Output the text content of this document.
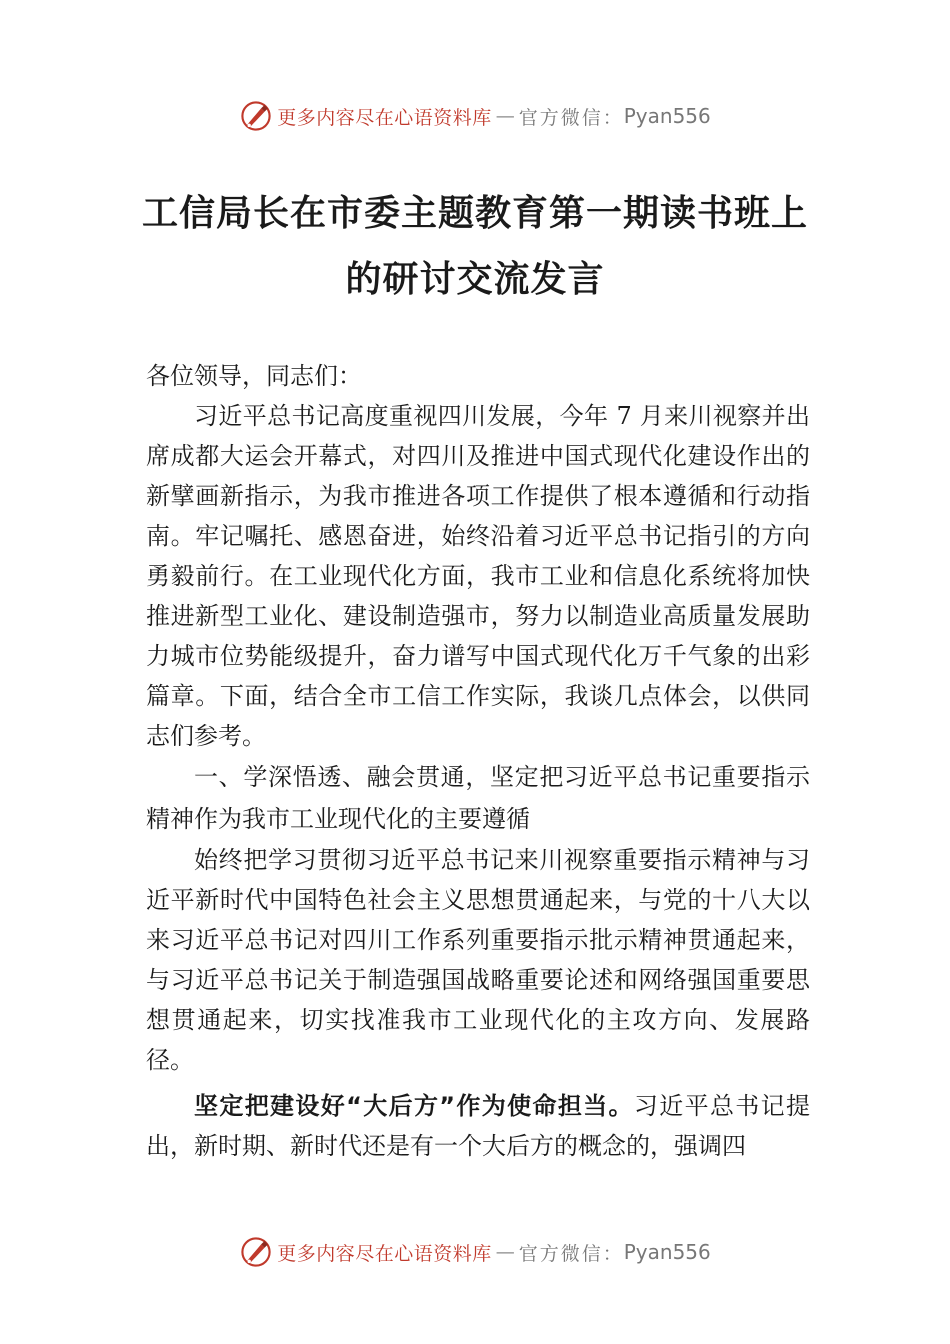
更多内容尽在心语资料库 — 官方微信： Pyan556
工信局长在市委主题教育第一期读书班上
的研讨交流发言

各位领导，同志们：

习近平总书记高度重视四川发展，今年 7 月来川视察并出席成都大运会开幕式，对四川及推进中国式现代化建设作出的新擘画新指示，为我市推进各项工作提供了根本遵循和行动指南。牢记嘱托、感恩奋进，始终沿着习近平总书记指引的方向勇毅前行。在工业现代化方面，我市工业和信息化系统将加快推进新型工业化、建设制造强市，努力以制造业高质量发展助力城市位势能级提升，奋力谱写中国式现代化万千气象的出彩篇章。下面，结合全市工信工作实际，我谈几点体会，以供同志们参考。

一、学深悟透、融会贯通，坚定把习近平总书记重要指示精神作为我市工业现代化的主要遵循

始终把学习贯彻习近平总书记来川视察重要指示精神与习近平新时代中国特色社会主义思想贯通起来，与党的十八大以来习近平总书记对四川工作系列重要指示批示精神贯通起来，与习近平总书记关于制造强国战略重要论述和网络强国重要思想贯通起来，切实找准我市工业现代化的主攻方向、发展路径。

坚定把建设好“大后方”作为使命担当。习近平总书记提出，新时期、新时代还是有一个大后方的概念的，强调四

更多内容尽在心语资料库 — 官方微信： Pyan556
